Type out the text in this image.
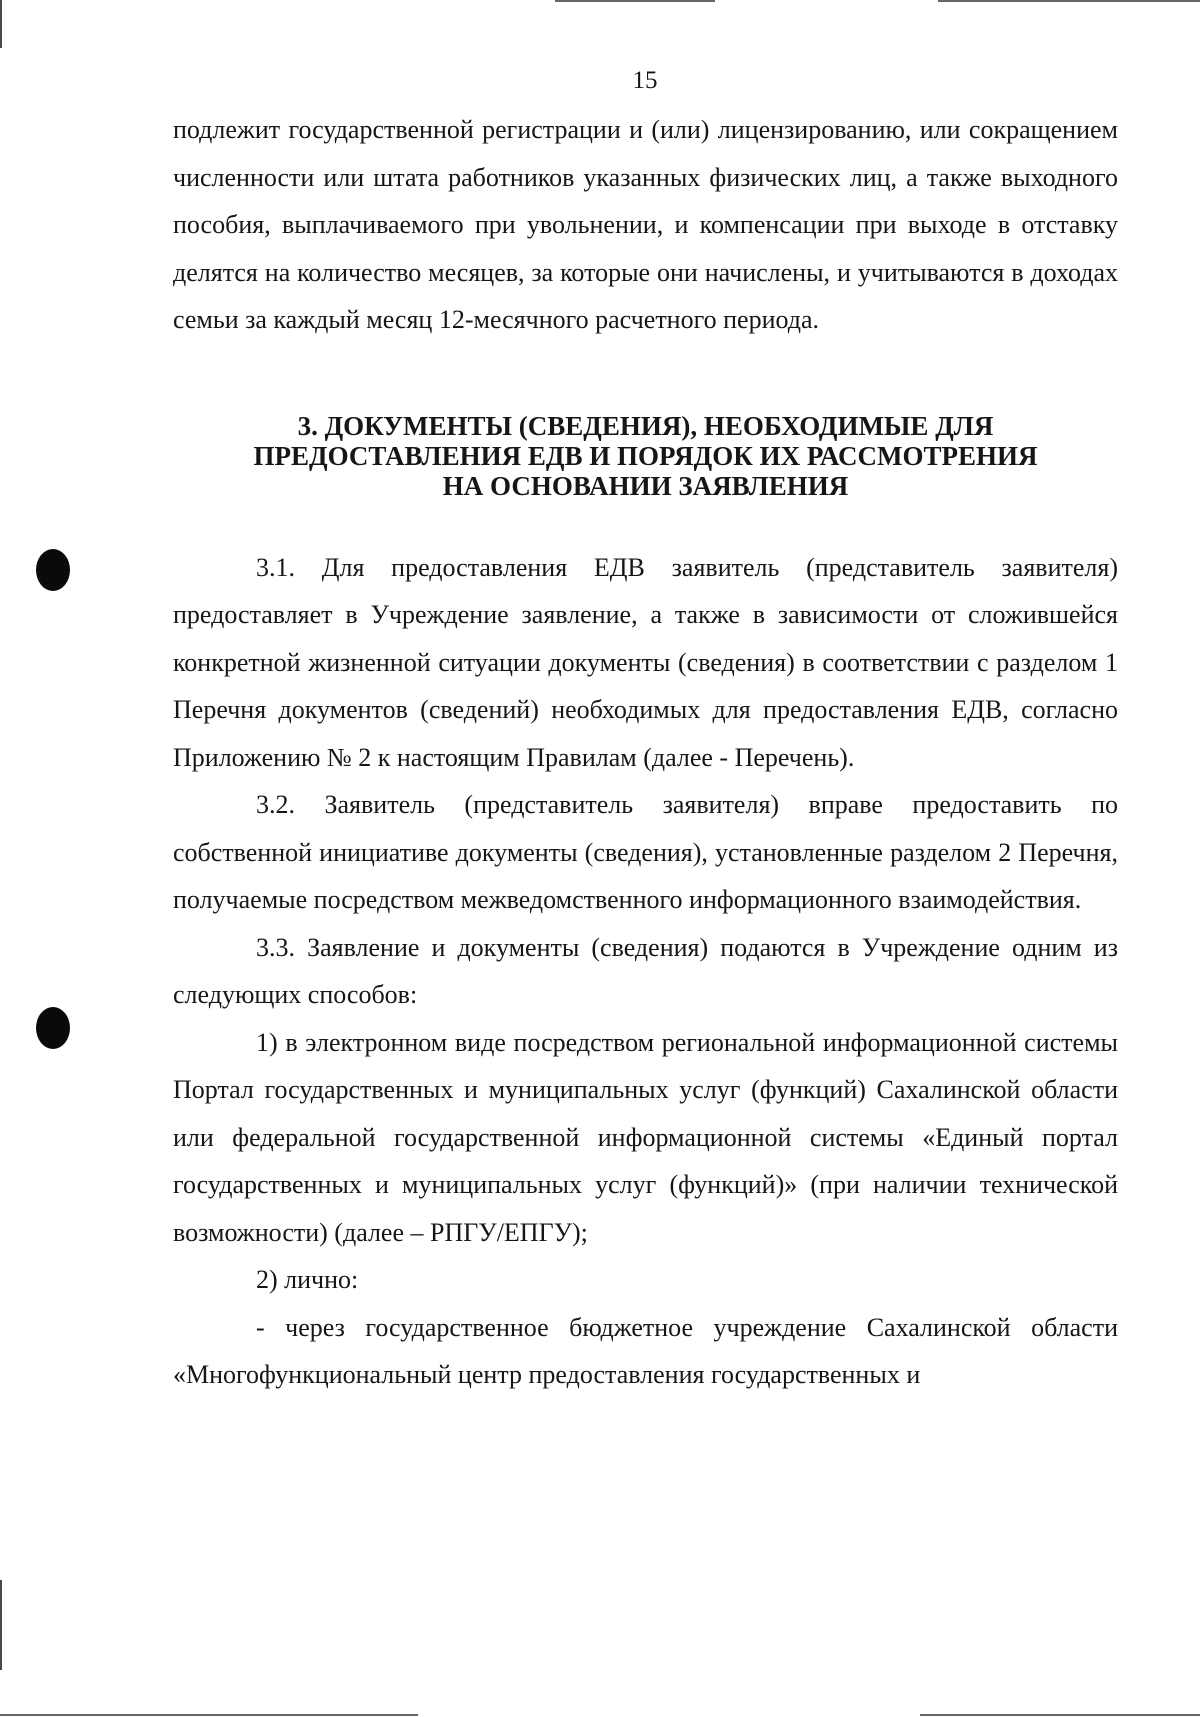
15

подлежит государственной регистрации и (или) лицензированию, или сокращением численности или штата работников указанных физических лиц, а также выходного пособия, выплачиваемого при увольнении, и компенсации при выходе в отставку делятся на количество месяцев, за которые они начислены, и учитываются в доходах семьи за каждый месяц 12-месячного расчетного периода.

3. ДОКУМЕНТЫ (СВЕДЕНИЯ), НЕОБХОДИМЫЕ ДЛЯ
ПРЕДОСТАВЛЕНИЯ ЕДВ И ПОРЯДОК ИХ РАССМОТРЕНИЯ
НА ОСНОВАНИИ ЗАЯВЛЕНИЯ

3.1. Для предоставления ЕДВ заявитель (представитель заявителя) предоставляет в Учреждение заявление, а также в зависимости от сложившейся конкретной жизненной ситуации документы (сведения) в соответствии с разделом 1 Перечня документов (сведений) необходимых для предоставления ЕДВ, согласно Приложению № 2 к настоящим Правилам (далее - Перечень).

3.2. Заявитель (представитель заявителя) вправе предоставить по собственной инициативе документы (сведения), установленные разделом 2 Перечня, получаемые посредством межведомственного информационного взаимодействия.

3.3. Заявление и документы (сведения) подаются в Учреждение одним из следующих способов:

1) в электронном виде посредством региональной информационной системы Портал государственных и муниципальных услуг (функций) Сахалинской области или федеральной государственной информационной системы «Единый портал государственных и муниципальных услуг (функций)» (при наличии технической возможности) (далее – РПГУ/ЕПГУ);

2) лично:

- через государственное бюджетное учреждение Сахалинской области «Многофункциональный центр предоставления государственных и
